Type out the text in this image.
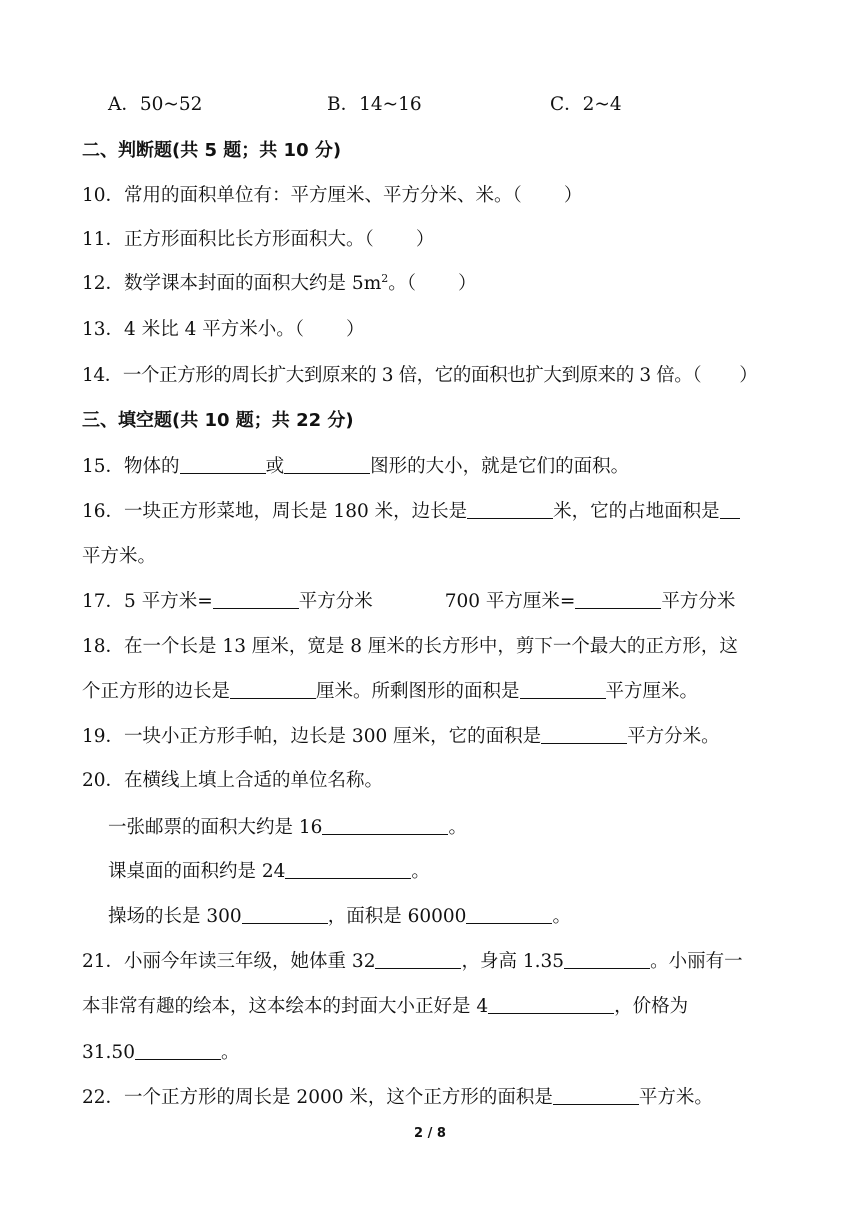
A．50~52	B．14~16	C．2~4
二、判断题(共 5 题；共 10 分)
10．常用的面积单位有：平方厘米、平方分米、米。（ ）
11．正方形面积比长方形面积大。（ ）
12．数学课本封面的面积大约是 $5m^2$。（ ）
13．4 米比 4 平方米小。（ ）
14．一个正方形的周长扩大到原来的 3 倍，它的面积也扩大到原来的 3 倍。（ ）
三、填空题(共 10 题；共 22 分)
15．物体的	或	图形的大小，就是它们的面积。
16．一块正方形菜地，周长是 180 米，边长是	米，它的占地面积是
平方米。
17．5 平方米=	平方分米	700 平方厘米=	平方分米
18．在一个长是 13 厘米，宽是 8 厘米的长方形中，剪下一个最大的正方形，这
个正方形的边长是	厘米。所剩图形的面积是	平方厘米。
19．一块小正方形手帕，边长是 300 厘米，它的面积是	平方分米。
20．在横线上填上合适的单位名称。
一张邮票的面积大约是 16	。
课桌面的面积约是 24	。
操场的长是 300	，面积是 60000	。
21．小丽今年读三年级，她体重 32	，身高 1.35	。小丽有一
本非常有趣的绘本，这本绘本的封面大小正好是 4	，价格为
31.50	。
22．一个正方形的周长是 2000 米，这个正方形的面积是	平方米。
2 / 8
